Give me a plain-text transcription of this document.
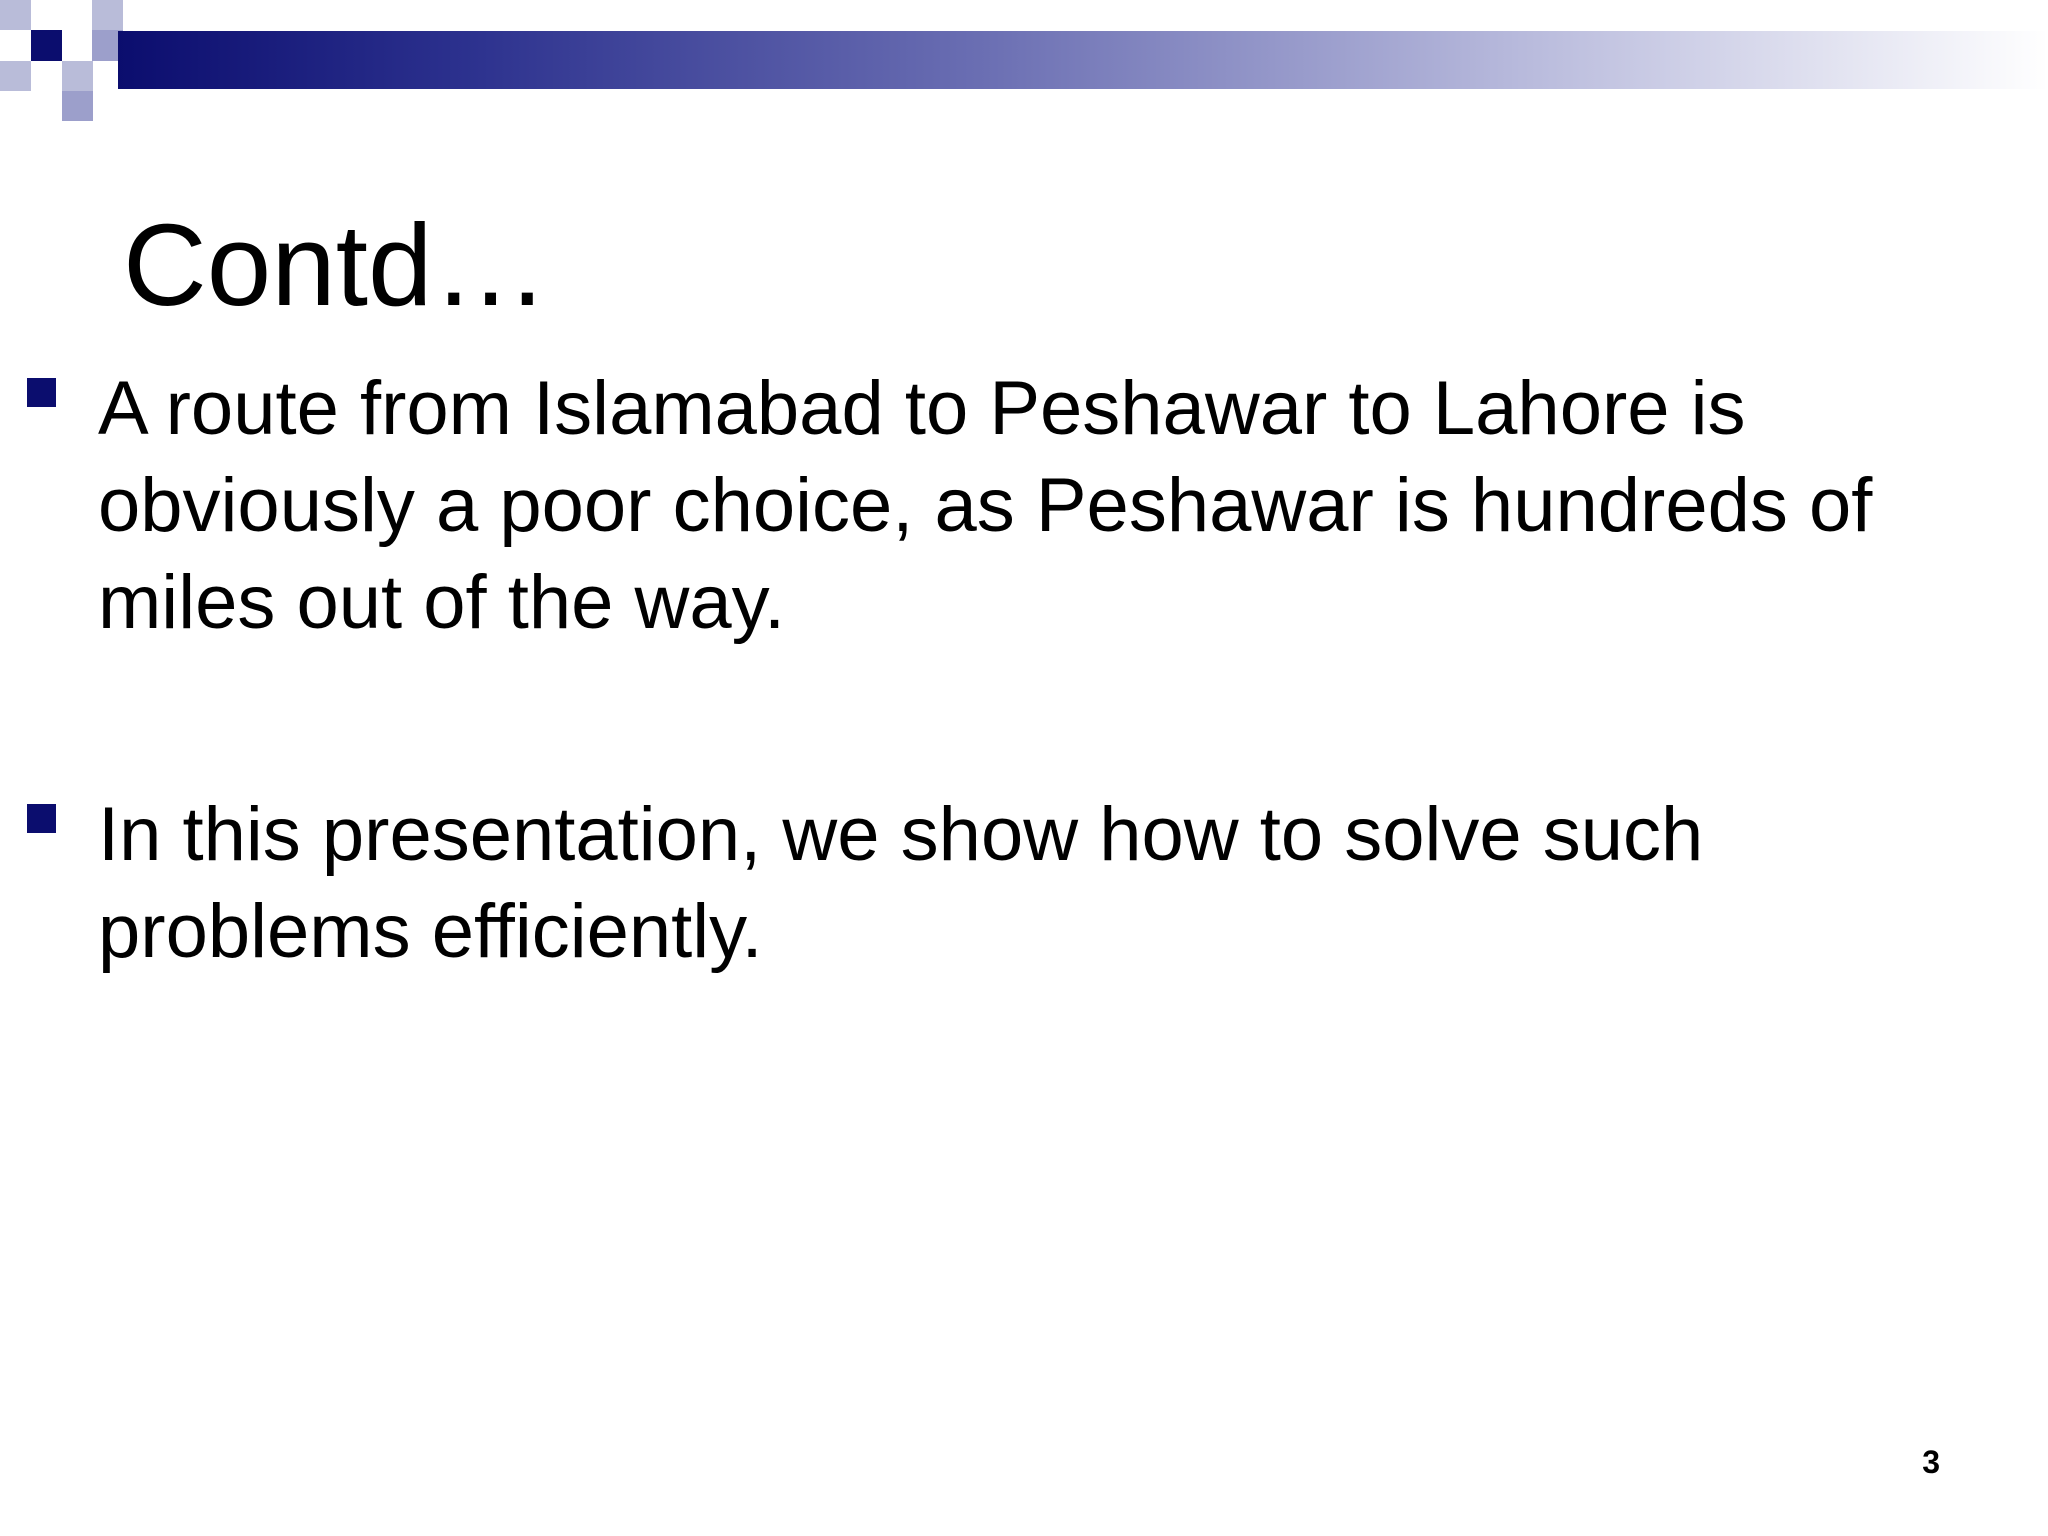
Contd…
A route from Islamabad to Peshawar to Lahore is obviously a poor choice, as Peshawar is hundreds of miles out of the way.
In this presentation, we show how to solve such problems efficiently.
3
